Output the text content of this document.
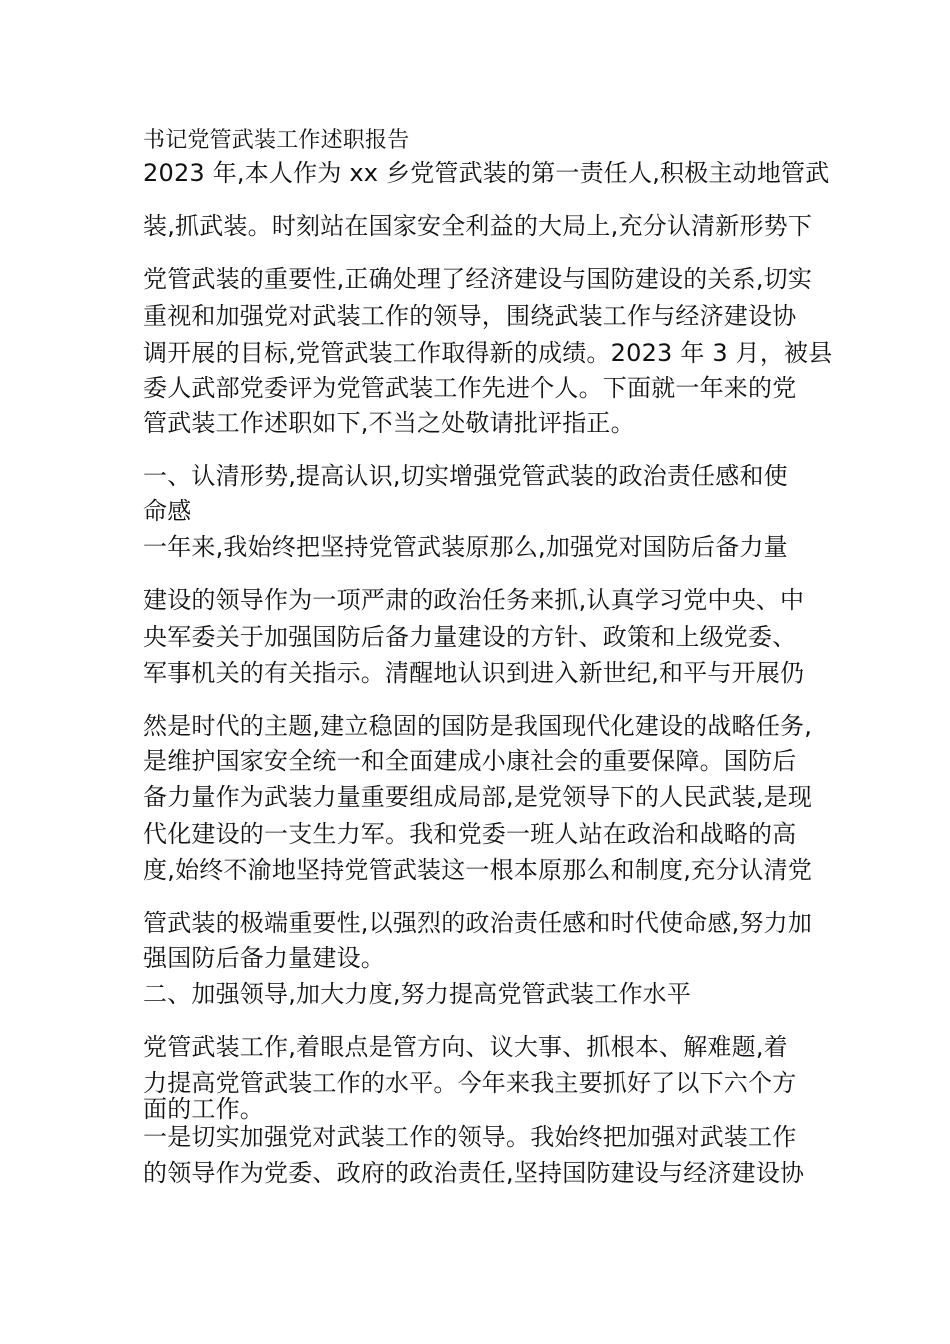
书记党管武装工作述职报告
2023 年,本人作为 xx 乡党管武装的第一责任人,积极主动地管武
装,抓武装。时刻站在国家安全利益的大局上,充分认清新形势下
党管武装的重要性,正确处理了经济建设与国防建设的关系,切实
重视和加强党对武装工作的领导，围绕武装工作与经济建设协
调开展的目标,党管武装工作取得新的成绩。2023 年 3 月，被县
委人武部党委评为党管武装工作先进个人。下面就一年来的党
管武装工作述职如下,不当之处敬请批评指正。
一、认清形势,提高认识,切实增强党管武装的政治责任感和使
命感
一年来,我始终把坚持党管武装原那么,加强党对国防后备力量
建设的领导作为一项严肃的政治任务来抓,认真学习党中央、中
央军委关于加强国防后备力量建设的方针、政策和上级党委、
军事机关的有关指示。清醒地认识到进入新世纪,和平与开展仍
然是时代的主题,建立稳固的国防是我国现代化建设的战略任务,
是维护国家安全统一和全面建成小康社会的重要保障。国防后
备力量作为武装力量重要组成局部,是党领导下的人民武装,是现
代化建设的一支生力军。我和党委一班人站在政治和战略的高
度,始终不渝地坚持党管武装这一根本原那么和制度,充分认清党
管武装的极端重要性,以强烈的政治责任感和时代使命感,努力加
强国防后备力量建设。
二、加强领导,加大力度,努力提高党管武装工作水平
党管武装工作,着眼点是管方向、议大事、抓根本、解难题,着
力提高党管武装工作的水平。今年来我主要抓好了以下六个方
面的工作。
一是切实加强党对武装工作的领导。我始终把加强对武装工作
的领导作为党委、政府的政治责任,坚持国防建设与经济建设协
